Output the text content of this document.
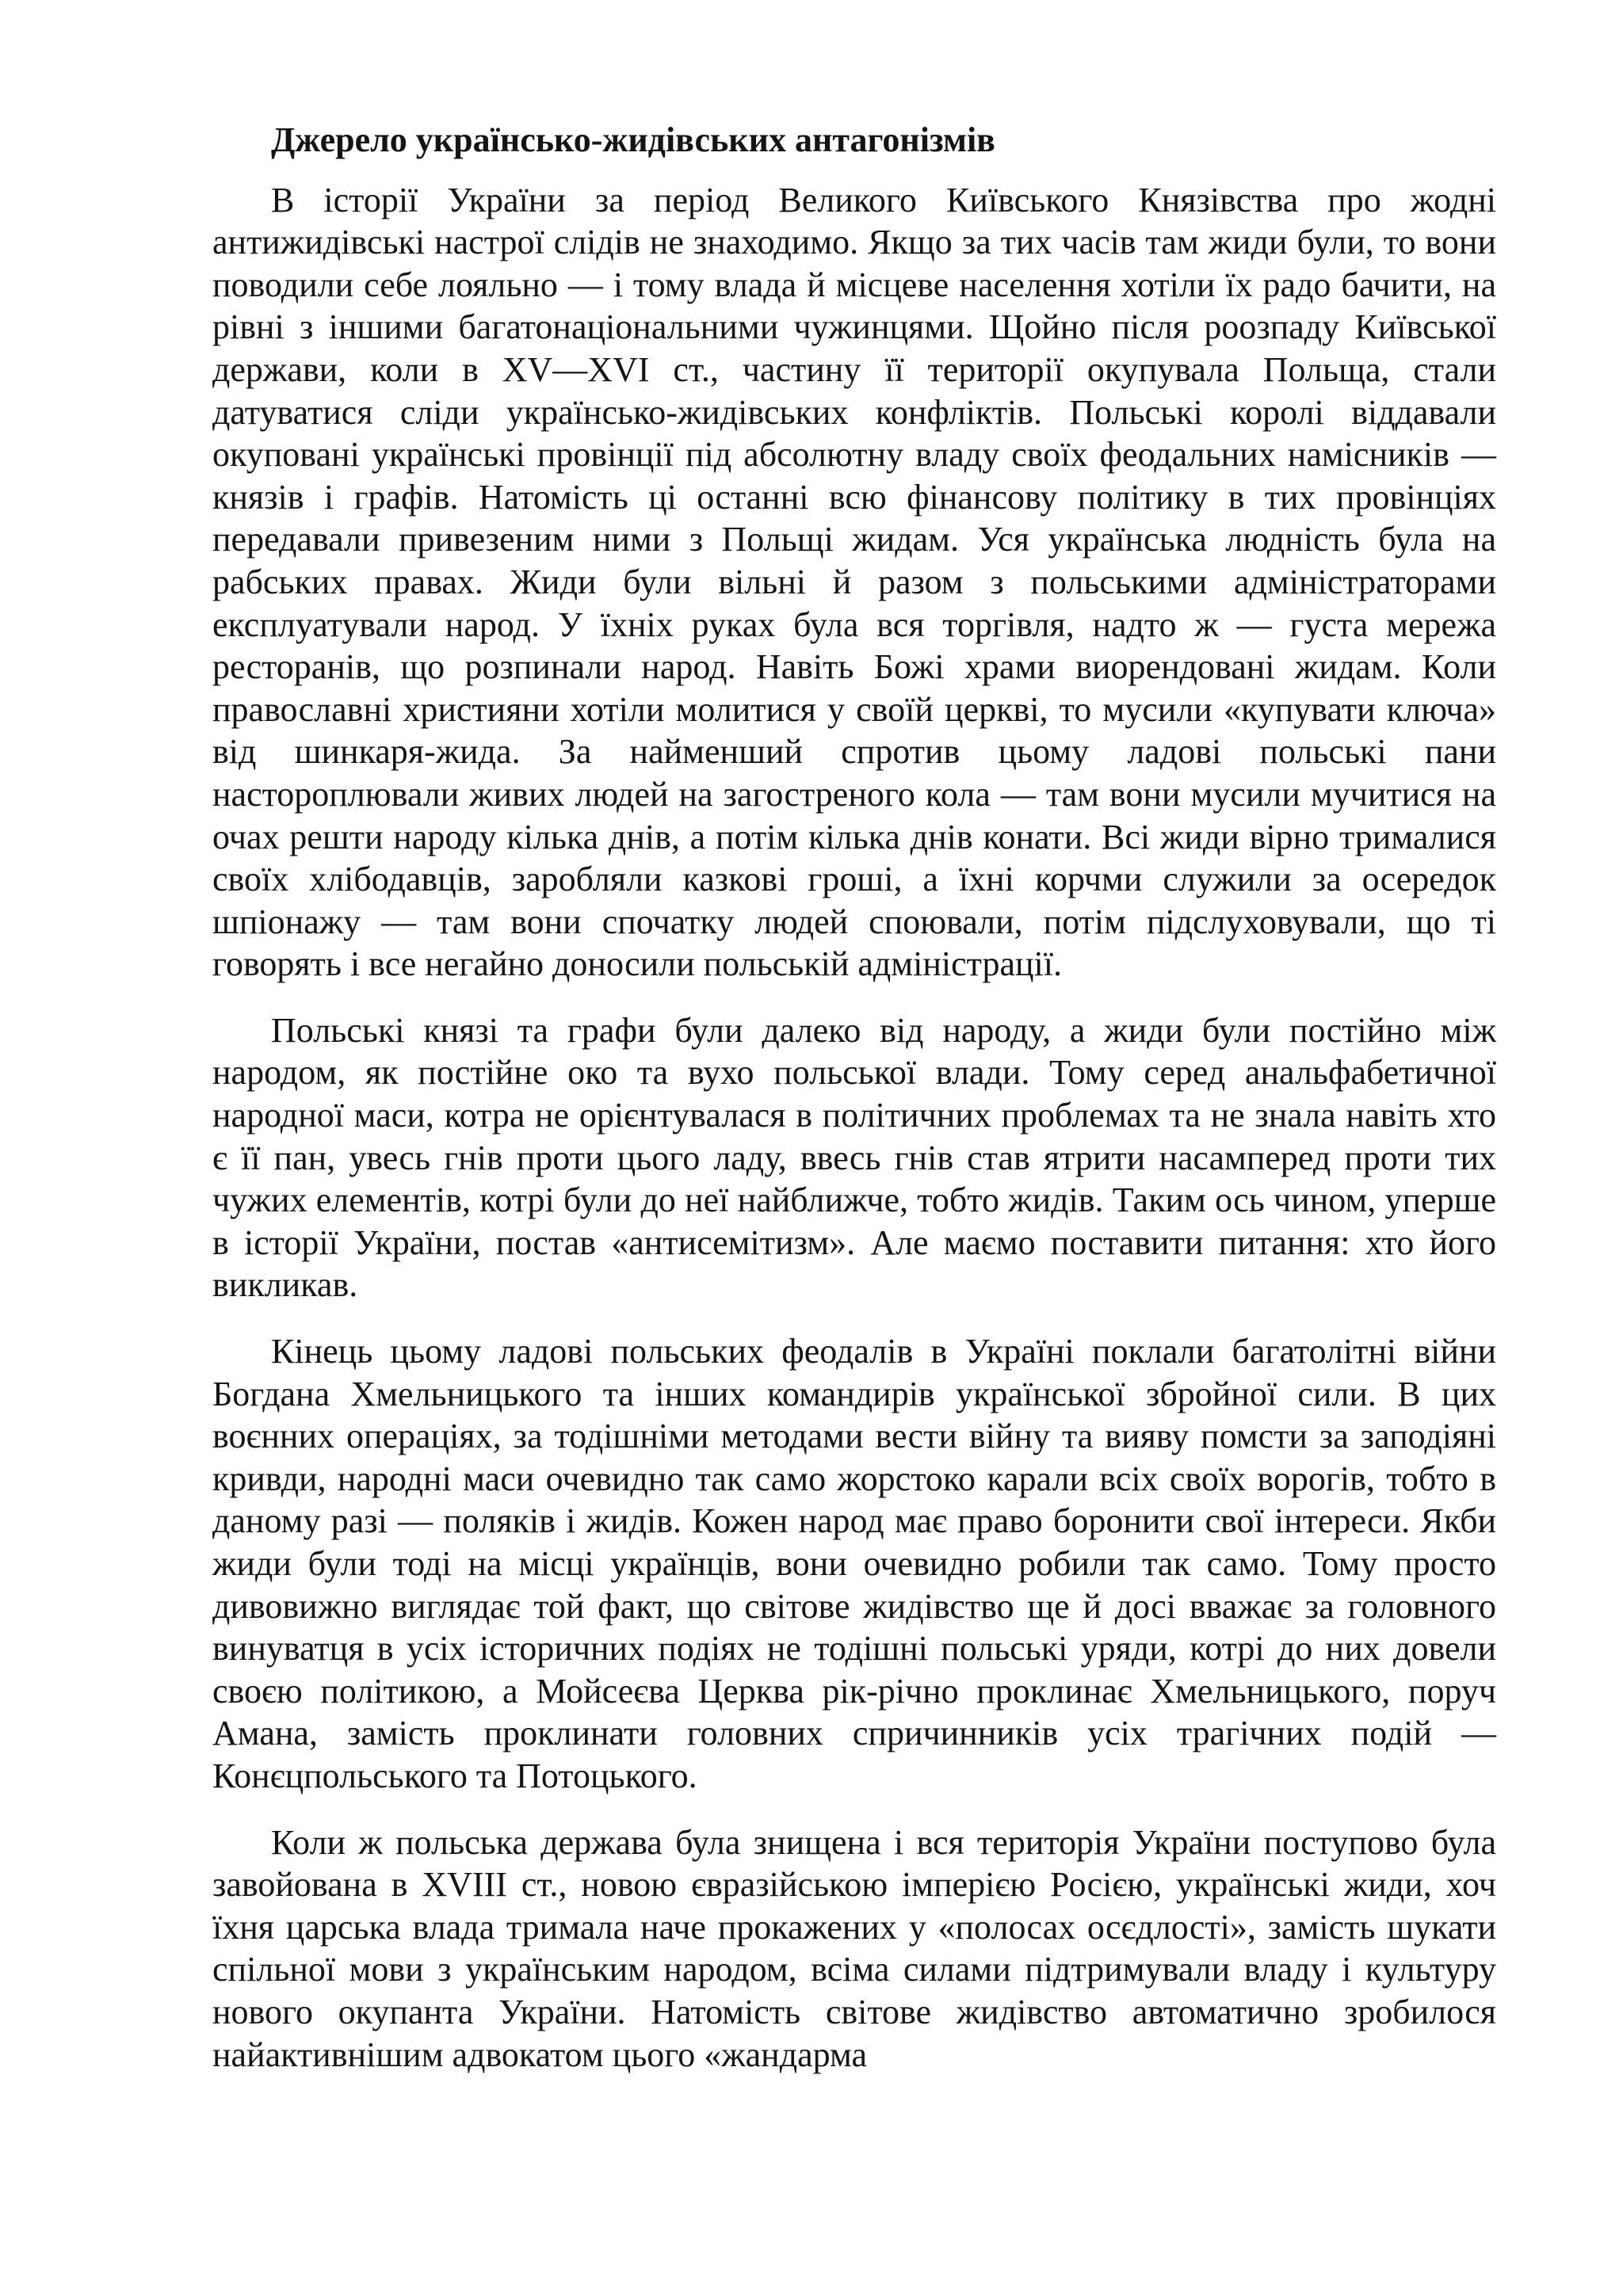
Джерело українсько-жидівських антагонізмів

В історії України за період Великого Київського Князівства про жодні антижидівські настрої слідів не знаходимо. Якщо за тих часів там жиди були, то вони поводили себе лояльно — і тому влада й місцеве населення хотіли їх радо бачити, на рівні з іншими багатонаціональними чужинцями. Щойно після роозпаду Київської держави, коли в XV—XVI ст., частину її території окупувала Польща, стали датуватися сліди українсько-жидівських конфліктів. Польські королі віддавали окуповані українські провінції під абсолютну владу своїх феодальних намісників — князів і графів. Натомість ці останні всю фінансову політику в тих провінціях передавали привезеним ними з Польщі жидам. Уся українська людність була на рабських правах. Жиди були вільні й разом з польськими адміністраторами експлуатували народ. У їхніх руках була вся торгівля, надто ж — густа мережа ресторанів, що розпинали народ. Навіть Божі храми виорендовані жидам. Коли православні християни хотіли молитися у своїй церкві, то мусили «купувати ключа» від шинкаря-жида. За найменший спротив цьому ладові польські пани настороплювали живих людей на загостреного кола — там вони мусили мучитися на очах решти народу кілька днів, а потім кілька днів конати. Всі жиди вірно трималися своїх хлібодавців, заробляли казкові гроші, а їхні корчми служили за осередок шпіонажу — там вони спочатку людей споювали, потім підслуховували, що ті говорять і все негайно доносили польській адміністрації.

Польські князі та графи були далеко від народу, а жиди були постійно між народом, як постійне око та вухо польської влади. Тому серед анальфабетичної народної маси, котра не орієнтувалася в політичних проблемах та не знала навіть хто є її пан, увесь гнів проти цього ладу, ввесь гнів став ятрити насамперед проти тих чужих елементів, котрі були до неї найближче, тобто жидів. Таким ось чином, уперше в історії України, постав «антисемітизм». Але маємо поставити питання: хто його викликав.

Кінець цьому ладові польських феодалів в Україні поклали багатолітні війни Богдана Хмельницького та інших командирів української збройної сили. В цих воєнних операціях, за тодішніми методами вести війну та вияву помсти за заподіяні кривди, народні маси очевидно так само жорстоко карали всіх своїх ворогів, тобто в даному разі — поляків і жидів. Кожен народ має право боронити свої інтереси. Якби жиди були тоді на місці українців, вони очевидно робили так само. Тому просто дивовижно виглядає той факт, що світове жидівство ще й досі вважає за головного винуватця в усіх історичних подіях не тодішні польські уряди, котрі до них довели своєю політикою, а Мойсеєва Церква рік-річно проклинає Хмельницького, поруч Амана, замість проклинати головних спричинників усіх трагічних подій — Конєцпольського та Потоцького.

Коли ж польська держава була знищена і вся територія України поступово була завойована в XVIII ст., новою євразійською імперією Росією, українські жиди, хоч їхня царська влада тримала наче прокажених у «полосах осєдлості», замість шукати спільної мови з українським народом, всіма силами підтримували владу і культуру нового окупанта України. Натомість світове жидівство автоматично зробилося найактивнішим адвокатом цього «жандарма
